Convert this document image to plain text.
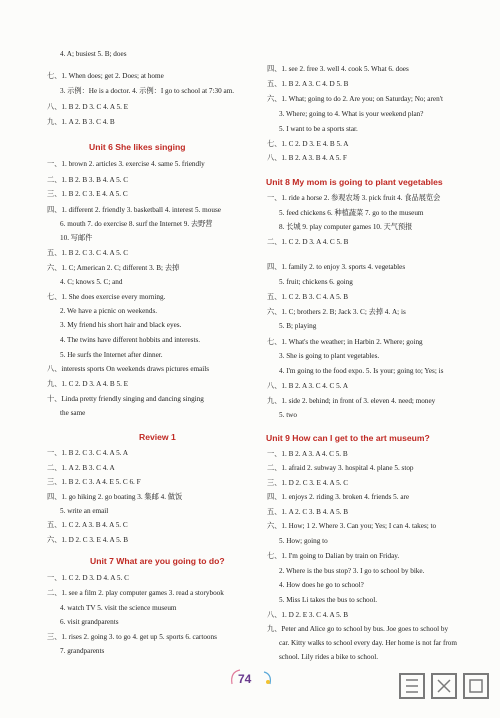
4. A; busiest 5. B; does
七、1. When does; get 2. Does; at home
3. 示例：He is a doctor. 4. 示例：I go to school at 7:30 am.
八、1. B 2. D 3. C 4. A 5. E
九、1. A 2. B 3. C 4. B
Unit 6 She likes singing
一、1. brown 2. articles 3. exercise 4. same 5. friendly
二、1. B 2. B 3. B 4. A 5. C
三、1. B 2. C 3. E 4. A 5. C
四、1. different 2. friendly 3. basketball 4. interest 5. mouse
6. mouth 7. do exercise 8. surf the Internet 9. 去野营
10. 写邮件
五、1. B 2. C 3. C 4. A 5. C
六、1. C; American 2. C; different 3. B; 去掉
4. C; knows 5. C; and
七、1. She does exercise every morning.
2. We have a picnic on weekends.
3. My friend his short hair and black eyes.
4. The twins have different hobbits and interests.
5. He surfs the Internet after dinner.
八、interests sports On weekends draws pictures emails
九、1. C 2. D 3. A 4. B 5. E
十、Linda pretty friendly singing and dancing singing
the same
Review 1
一、1. B 2. C 3. C 4. A 5. A
二、1. A 2. B 3. C 4. A
三、1. B 2. C 3. A 4. E 5. C 6. F
四、1. go hiking 2. go boating 3. 集邮 4. 做饭
5. write an email
五、1. C 2. A 3. B 4. A 5. C
六、1. D 2. C 3. E 4. A 5. B
Unit 7 What are you going to do?
一、1. C 2. D 3. D 4. A 5. C
二、1. see a film 2. play computer games 3. read a storybook
4. watch TV 5. visit the science museum
6. visit grandparents
三、1. rises 2. going 3. to go 4. get up 5. sports 6. cartoons
7. grandparents
四、1. see 2. free 3. well 4. cook 5. What 6. does
五、1. B 2. A 3. C 4. D 5. B
六、1. What; going to do 2. Are you; on Saturday; No; aren't
3. Where; going to 4. What is your weekend plan?
5. I want to be a sports star.
七、1. C 2. D 3. E 4. B 5. A
八、1. B 2. A 3. B 4. A 5. F
Unit 8 My mom is going to plant vegetables
一、1. ride a horse 2. 参观农场 3. pick fruit 4. 食品展览会
5. feed chickens 6. 种植蔬菜 7. go to the museum
8. 长城 9. play computer games 10. 天气预报
二、1. C 2. D 3. A 4. C 5. B
四、1. family 2. to enjoy 3. sports 4. vegetables
5. fruit; chickens 6. going
五、1. C 2. B 3. C 4. A 5. B
六、1. C; brothers 2. B; Jack 3. C; 去掉 4. A; is
5. B; playing
七、1. What's the weather; in Harbin 2. Where; going
3. She is going to plant vegetables.
4. I'm going to the food expo. 5. Is your; going to; Yes; is
八、1. B 2. A 3. C 4. C 5. A
九、1. side 2. behind; in front of 3. eleven 4. need; money
5. two
Unit 9 How can I get to the art museum?
一、1. B 2. A 3. A 4. C 5. B
二、1. afraid 2. subway 3. hospital 4. plane 5. stop
三、1. D 2. C 3. E 4. A 5. C
四、1. enjoys 2. riding 3. broken 4. friends 5. are
五、1. A 2. C 3. B 4. A 5. B
六、1. How; 1 2. Where 3. Can you; Yes; I can 4. takes; to
5. How; going to
七、1. I'm going to Dalian by train on Friday.
2. Where is the bus stop? 3. I go to school by bike.
4. How does he go to school?
5. Miss Li takes the bus to school.
八、1. D 2. E 3. C 4. A 5. B
九、Peter and Alice go to school by bus. Joe goes to school by
car. Kitty walks to school every day. Her home is not far from
school. Lily rides a bike to school.
74
